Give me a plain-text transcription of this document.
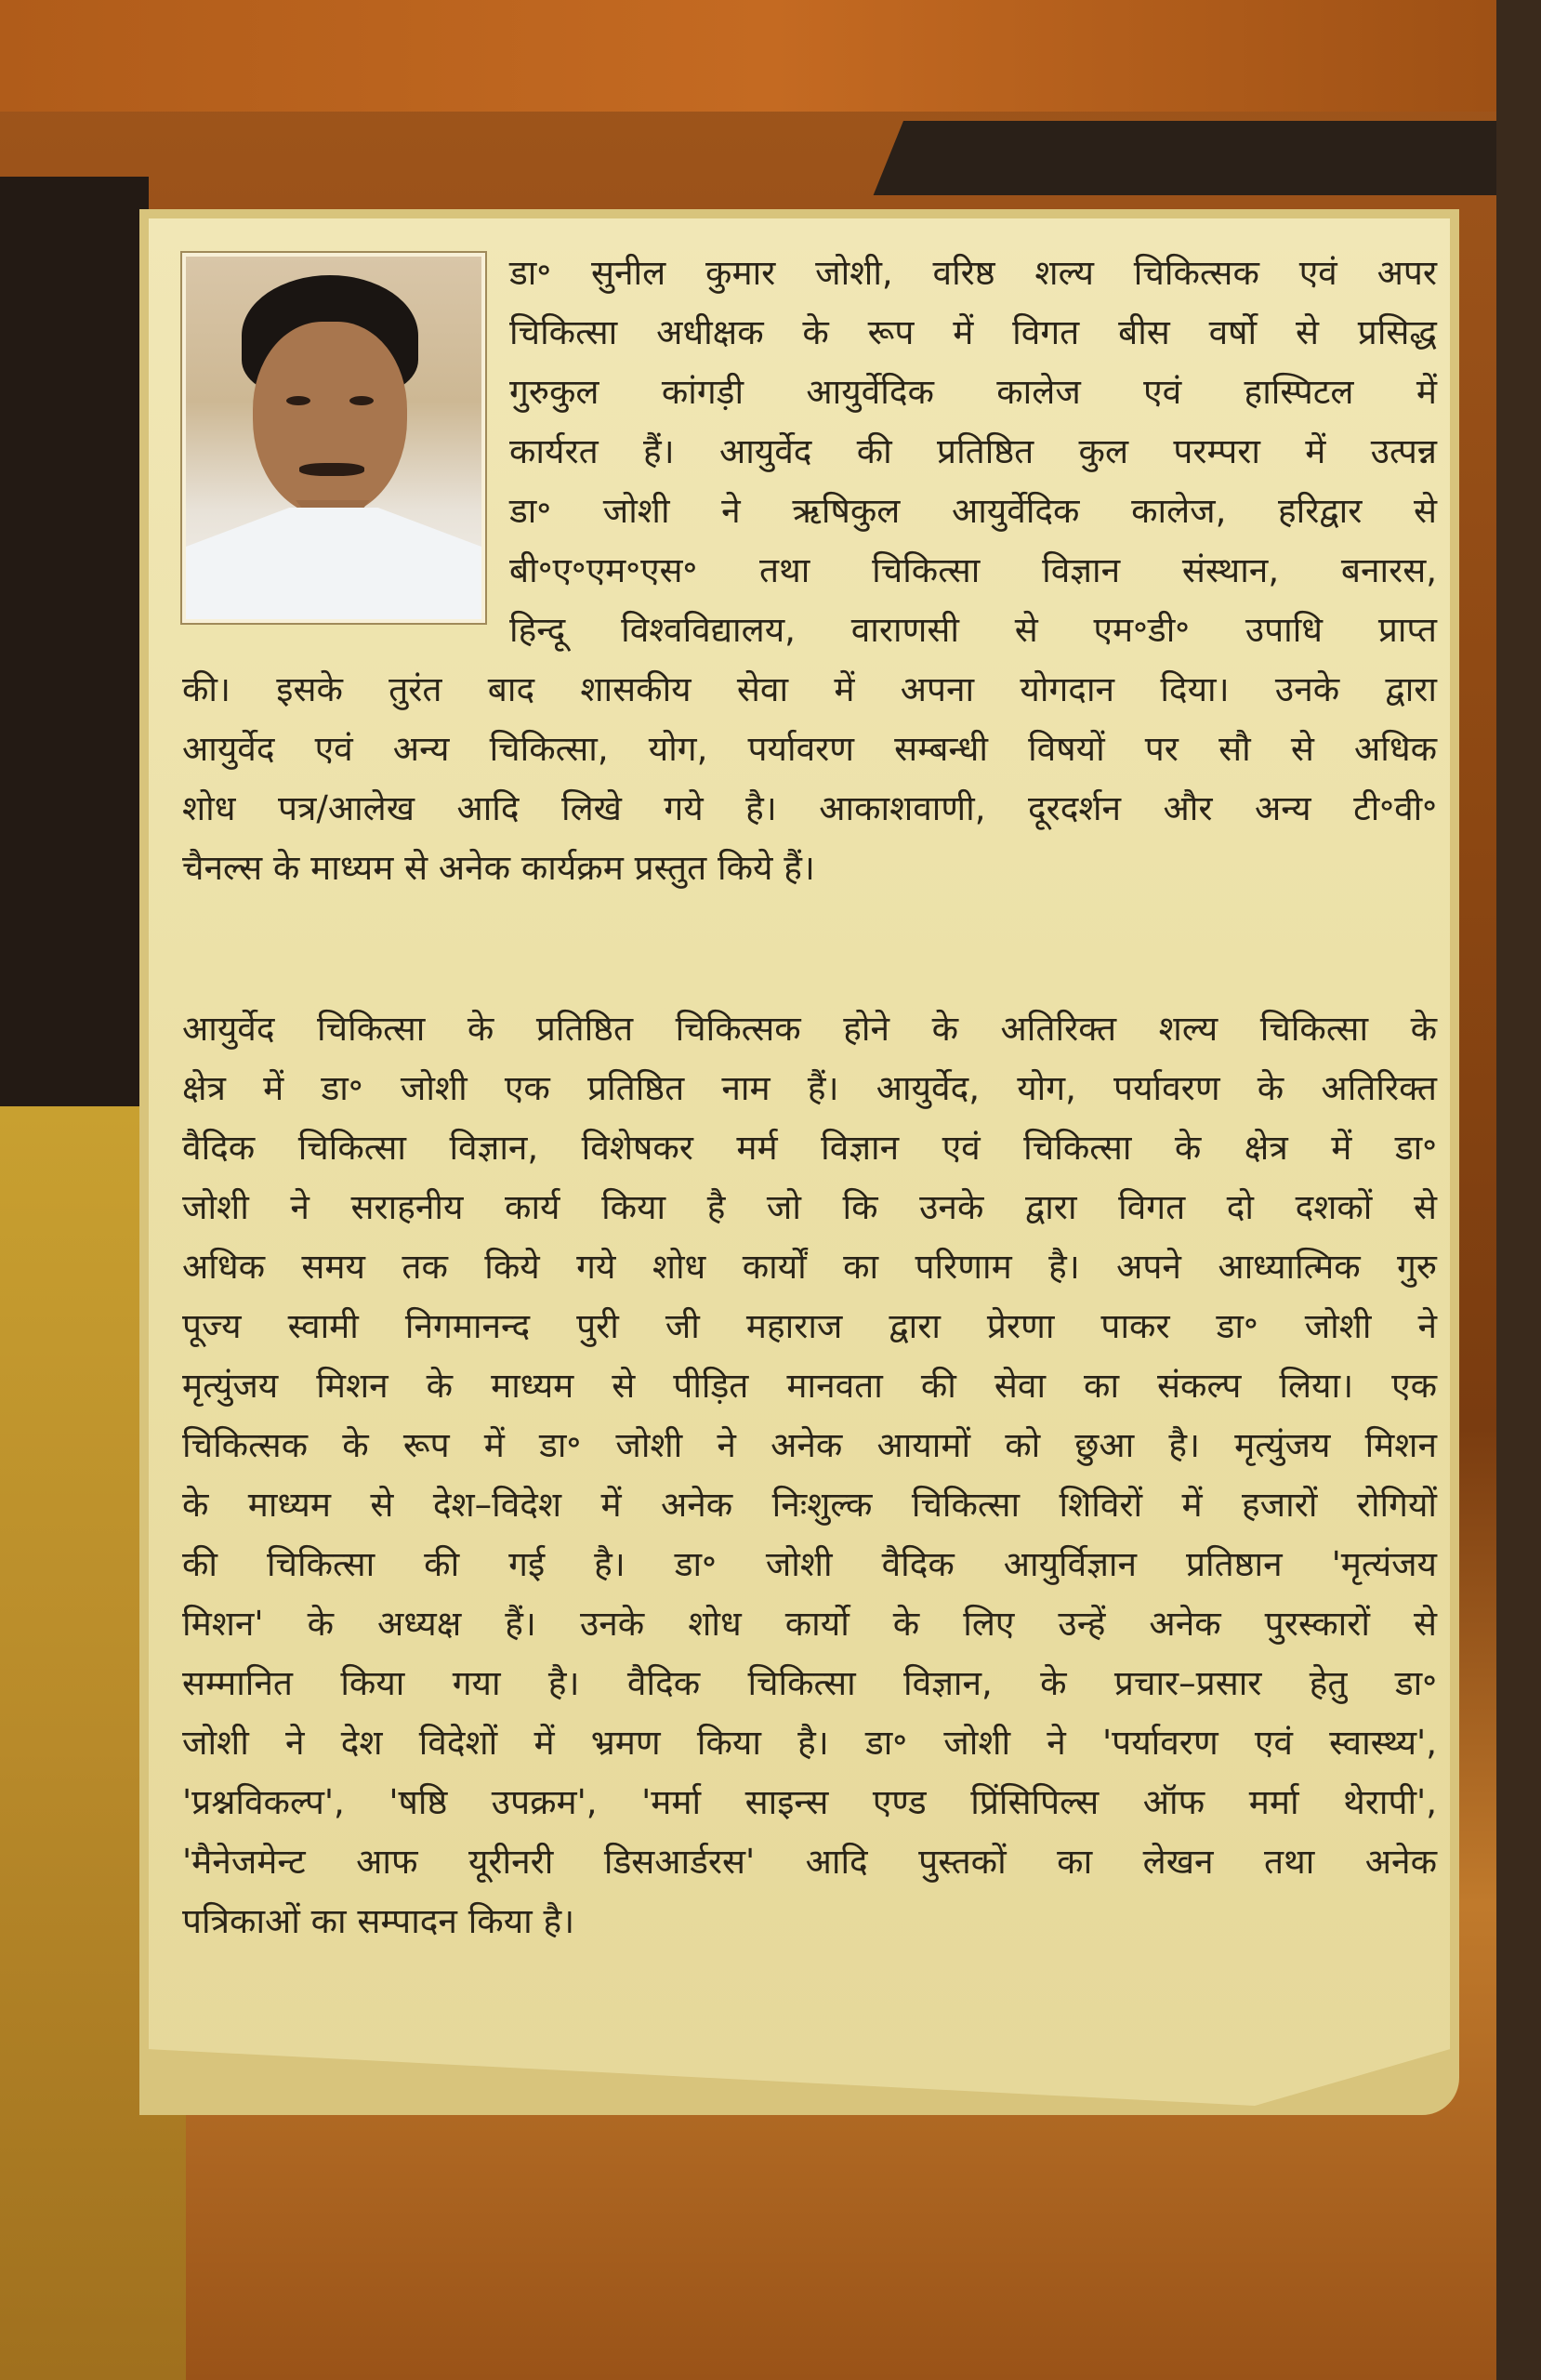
डा॰ सुनील कुमार जोशी, वरिष्ठ शल्य चिकित्सक एवं अपर
चिकित्सा अधीक्षक के रूप में विगत बीस वर्षो से प्रसिद्ध
गुरुकुल कांगड़ी आयुर्वेदिक कालेज एवं हास्पिटल में
कार्यरत हैं। आयुर्वेद की प्रतिष्ठित कुल परम्परा में उत्पन्न
डा॰ जोशी ने ऋषिकुल आयुर्वेदिक कालेज, हरिद्वार से
बी॰ए॰एम॰एस॰ तथा चिकित्सा विज्ञान संस्थान, बनारस,
हिन्दू विश्वविद्यालय, वाराणसी से एम॰डी॰ उपाधि प्राप्त
की। इसके तुरंत बाद शासकीय सेवा में अपना योगदान दिया। उनके द्वारा
आयुर्वेद एवं अन्य चिकित्सा, योग, पर्यावरण सम्बन्धी विषयों पर सौ से अधिक
शोध पत्र/आलेख आदि लिखे गये है। आकाशवाणी, दूरदर्शन और अन्य टी॰वी॰
चैनल्स के माध्यम से अनेक कार्यक्रम प्रस्तुत किये हैं।
आयुर्वेद चिकित्सा के प्रतिष्ठित चिकित्सक होने के अतिरिक्त शल्य चिकित्सा के
क्षेत्र में डा॰ जोशी एक प्रतिष्ठित नाम हैं। आयुर्वेद, योग, पर्यावरण के अतिरिक्त
वैदिक चिकित्सा विज्ञान, विशेषकर मर्म विज्ञान एवं चिकित्सा के क्षेत्र में डा॰
जोशी ने सराहनीय कार्य किया है जो कि उनके द्वारा विगत दो दशकों से
अधिक समय तक किये गये शोध कार्यों का परिणाम है। अपने आध्यात्मिक गुरु
पूज्य स्वामी निगमानन्द पुरी जी महाराज द्वारा प्रेरणा पाकर डा॰ जोशी ने
मृत्युंजय मिशन के माध्यम से पीड़ित मानवता की सेवा का संकल्प लिया। एक
चिकित्सक के रूप में डा॰ जोशी ने अनेक आयामों को छुआ है। मृत्युंजय मिशन
के माध्यम से देश–विदेश में अनेक निःशुल्क चिकित्सा शिविरों में हजारों रोगियों
की चिकित्सा की गई है। डा॰ जोशी वैदिक आयुर्विज्ञान प्रतिष्ठान 'मृत्यंजय
मिशन' के अध्यक्ष हैं। उनके शोध कार्यो के लिए उन्हें अनेक पुरस्कारों से
सम्मानित किया गया है। वैदिक चिकित्सा विज्ञान, के प्रचार–प्रसार हेतु डा॰
जोशी ने देश विदेशों में भ्रमण किया है। डा॰ जोशी ने 'पर्यावरण एवं स्वास्थ्य',
'प्रश्नविकल्प', 'षष्ठि उपक्रम', 'मर्मा साइन्स एण्ड प्रिंसिपिल्स ऑफ मर्मा थेरापी',
'मैनेजमेन्ट आफ यूरीनरी डिसआर्डरस' आदि पुस्तकों का लेखन तथा अनेक
पत्रिकाओं का सम्पादन किया है।
